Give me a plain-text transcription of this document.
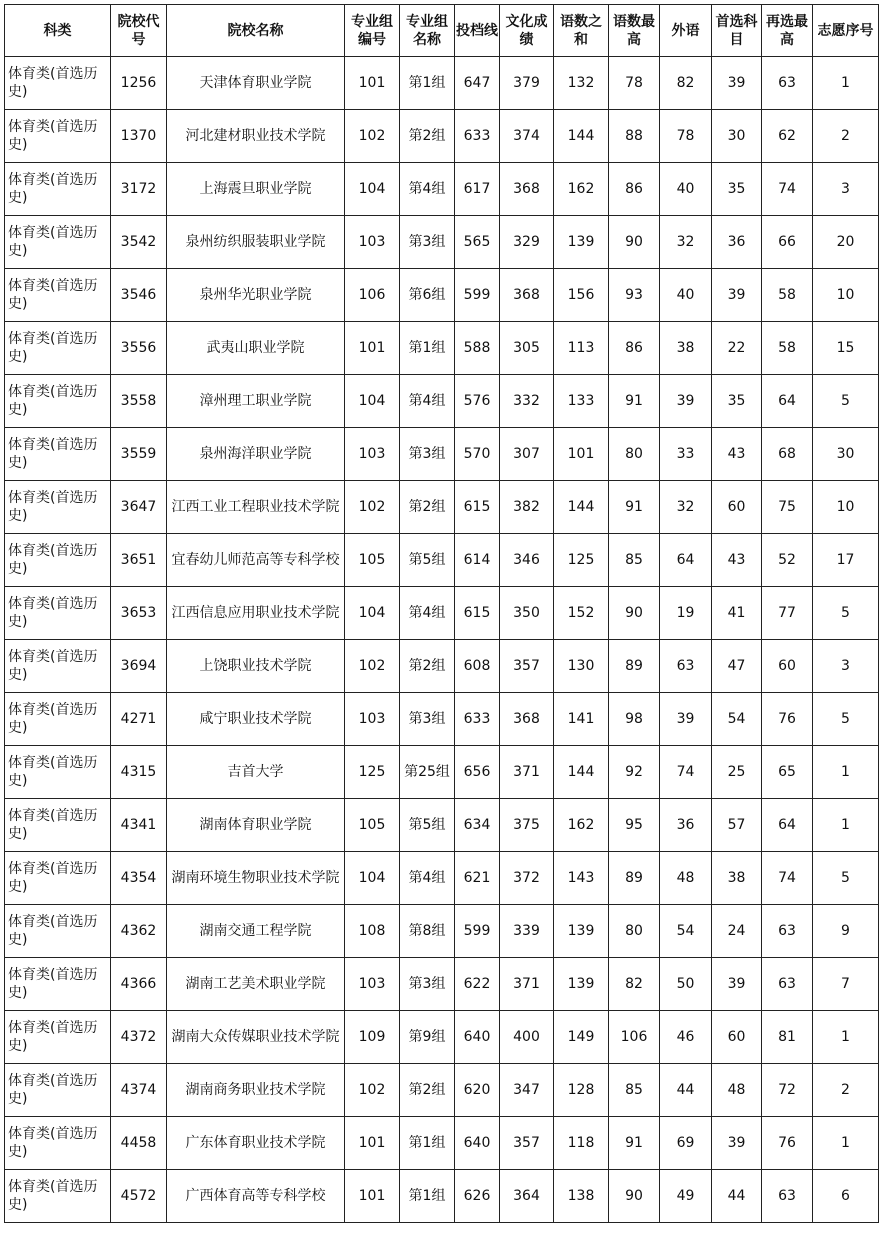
科类	院校代号	院校名称	专业组编号	专业组名称	投档线	文化成绩	语数之和	语数最高	外语	首选科目	再选最高	志愿序号
体育类(首选历史)	1256	天津体育职业学院	101	第1组	647	379	132	78	82	39	63	1
体育类(首选历史)	1370	河北建材职业技术学院	102	第2组	633	374	144	88	78	30	62	2
体育类(首选历史)	3172	上海震旦职业学院	104	第4组	617	368	162	86	40	35	74	3
体育类(首选历史)	3542	泉州纺织服装职业学院	103	第3组	565	329	139	90	32	36	66	20
体育类(首选历史)	3546	泉州华光职业学院	106	第6组	599	368	156	93	40	39	58	10
体育类(首选历史)	3556	武夷山职业学院	101	第1组	588	305	113	86	38	22	58	15
体育类(首选历史)	3558	漳州理工职业学院	104	第4组	576	332	133	91	39	35	64	5
体育类(首选历史)	3559	泉州海洋职业学院	103	第3组	570	307	101	80	33	43	68	30
体育类(首选历史)	3647	江西工业工程职业技术学院	102	第2组	615	382	144	91	32	60	75	10
体育类(首选历史)	3651	宜春幼儿师范高等专科学校	105	第5组	614	346	125	85	64	43	52	17
体育类(首选历史)	3653	江西信息应用职业技术学院	104	第4组	615	350	152	90	19	41	77	5
体育类(首选历史)	3694	上饶职业技术学院	102	第2组	608	357	130	89	63	47	60	3
体育类(首选历史)	4271	咸宁职业技术学院	103	第3组	633	368	141	98	39	54	76	5
体育类(首选历史)	4315	吉首大学	125	第25组	656	371	144	92	74	25	65	1
体育类(首选历史)	4341	湖南体育职业学院	105	第5组	634	375	162	95	36	57	64	1
体育类(首选历史)	4354	湖南环境生物职业技术学院	104	第4组	621	372	143	89	48	38	74	5
体育类(首选历史)	4362	湖南交通工程学院	108	第8组	599	339	139	80	54	24	63	9
体育类(首选历史)	4366	湖南工艺美术职业学院	103	第3组	622	371	139	82	50	39	63	7
体育类(首选历史)	4372	湖南大众传媒职业技术学院	109	第9组	640	400	149	106	46	60	81	1
体育类(首选历史)	4374	湖南商务职业技术学院	102	第2组	620	347	128	85	44	48	72	2
体育类(首选历史)	4458	广东体育职业技术学院	101	第1组	640	357	118	91	69	39	76	1
体育类(首选历史)	4572	广西体育高等专科学校	101	第1组	626	364	138	90	49	44	63	6
